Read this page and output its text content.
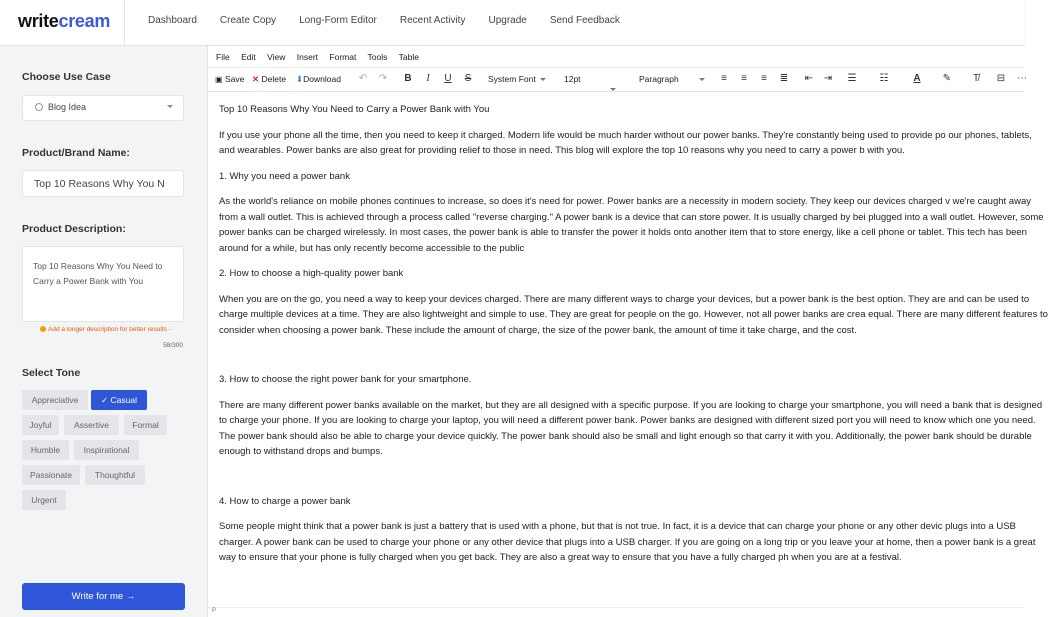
writecream	Dashboard Create Copy Long-Form Editor Recent Activity Upgrade Send Feedback
Choose Use Case
Blog Idea
Product/Brand Name:
Top 10 Reasons Why You N
Product Description:
Top 10 Reasons Why You Need to Carry a Power Bank with You
Add a longer description for better results -
58/300
Select Tone
Appreciative	✓ Casual
Joyful	Assertive	Formal
Humble	Inspirational
Passionate	Thoughtful
Urgent
Write for me →
File Edit View Insert Format Tools Table
▣ Save ✕ Delete ⬇Download ↶ ↷ B	I	U S	System Font	12pt	Paragraph	≡	≡	≡	≣ ⇤ ⇥ ☰ ☷ A ✎ T̸ ⊟ ⋯

Top 10 Reasons Why You Need to Carry a Power Bank with You

If you use your phone all the time, then you need to keep it charged. Modern life would be much harder without our power banks. They're constantly being used to provide po our phones, tablets, and wearables. Power banks are also great for providing relief to those in need. This blog will explore the top 10 reasons why you need to carry a power b with you.

1. Why you need a power bank

As the world's reliance on mobile phones continues to increase, so does it's need for power. Power banks are a necessity in modern society. They keep our devices charged v we're caught away from a wall outlet. This is achieved through a process called "reverse charging." A power bank is a device that can store power. It is usually charged by bei plugged into a wall outlet. However, some power banks can be charged wirelessly. In most cases, the power bank is able to transfer the power it holds onto another item that to store energy, like a cell phone or tablet. This tech has been around for a while, but has only recently become accessible to the public

2. How to choose a high-quality power bank

When you are on the go, you need a way to keep your devices charged. There are many different ways to charge your devices, but a power bank is the best option. They are and can be used to charge multiple devices at a time. They are also lightweight and simple to use. They are great for people on the go. However, not all power banks are crea equal. There are many different features to consider when choosing a power bank. These include the amount of charge, the size of the power bank, the amount of time it take charge, and the cost.

3. How to choose the right power bank for your smartphone.

There are many different power banks available on the market, but they are all designed with a specific purpose. If you are looking to charge your smartphone, you will need a bank that is designed to charge your phone. If you are looking to charge your laptop, you will need a different power bank. Power banks are designed with different sized port you will need to know which one you need. The power bank should also be able to charge your device quickly. The power bank should also be small and light enough so that carry it with you. Additionally, the power bank should be durable enough to withstand drops and bumps.

4. How to charge a power bank

Some people might think that a power bank is just a battery that is used with a phone, but that is not true. In fact, it is a device that can charge your phone or any other devic plugs into a USB charger. A power bank can be used to charge your phone or any other device that plugs into a USB charger. If you are going on a long trip or you leave your at home, then a power bank is a great way to ensure that your phone is fully charged when you get back. They are also a great way to ensure that you have a fully charged ph when you are at a festival.

P
